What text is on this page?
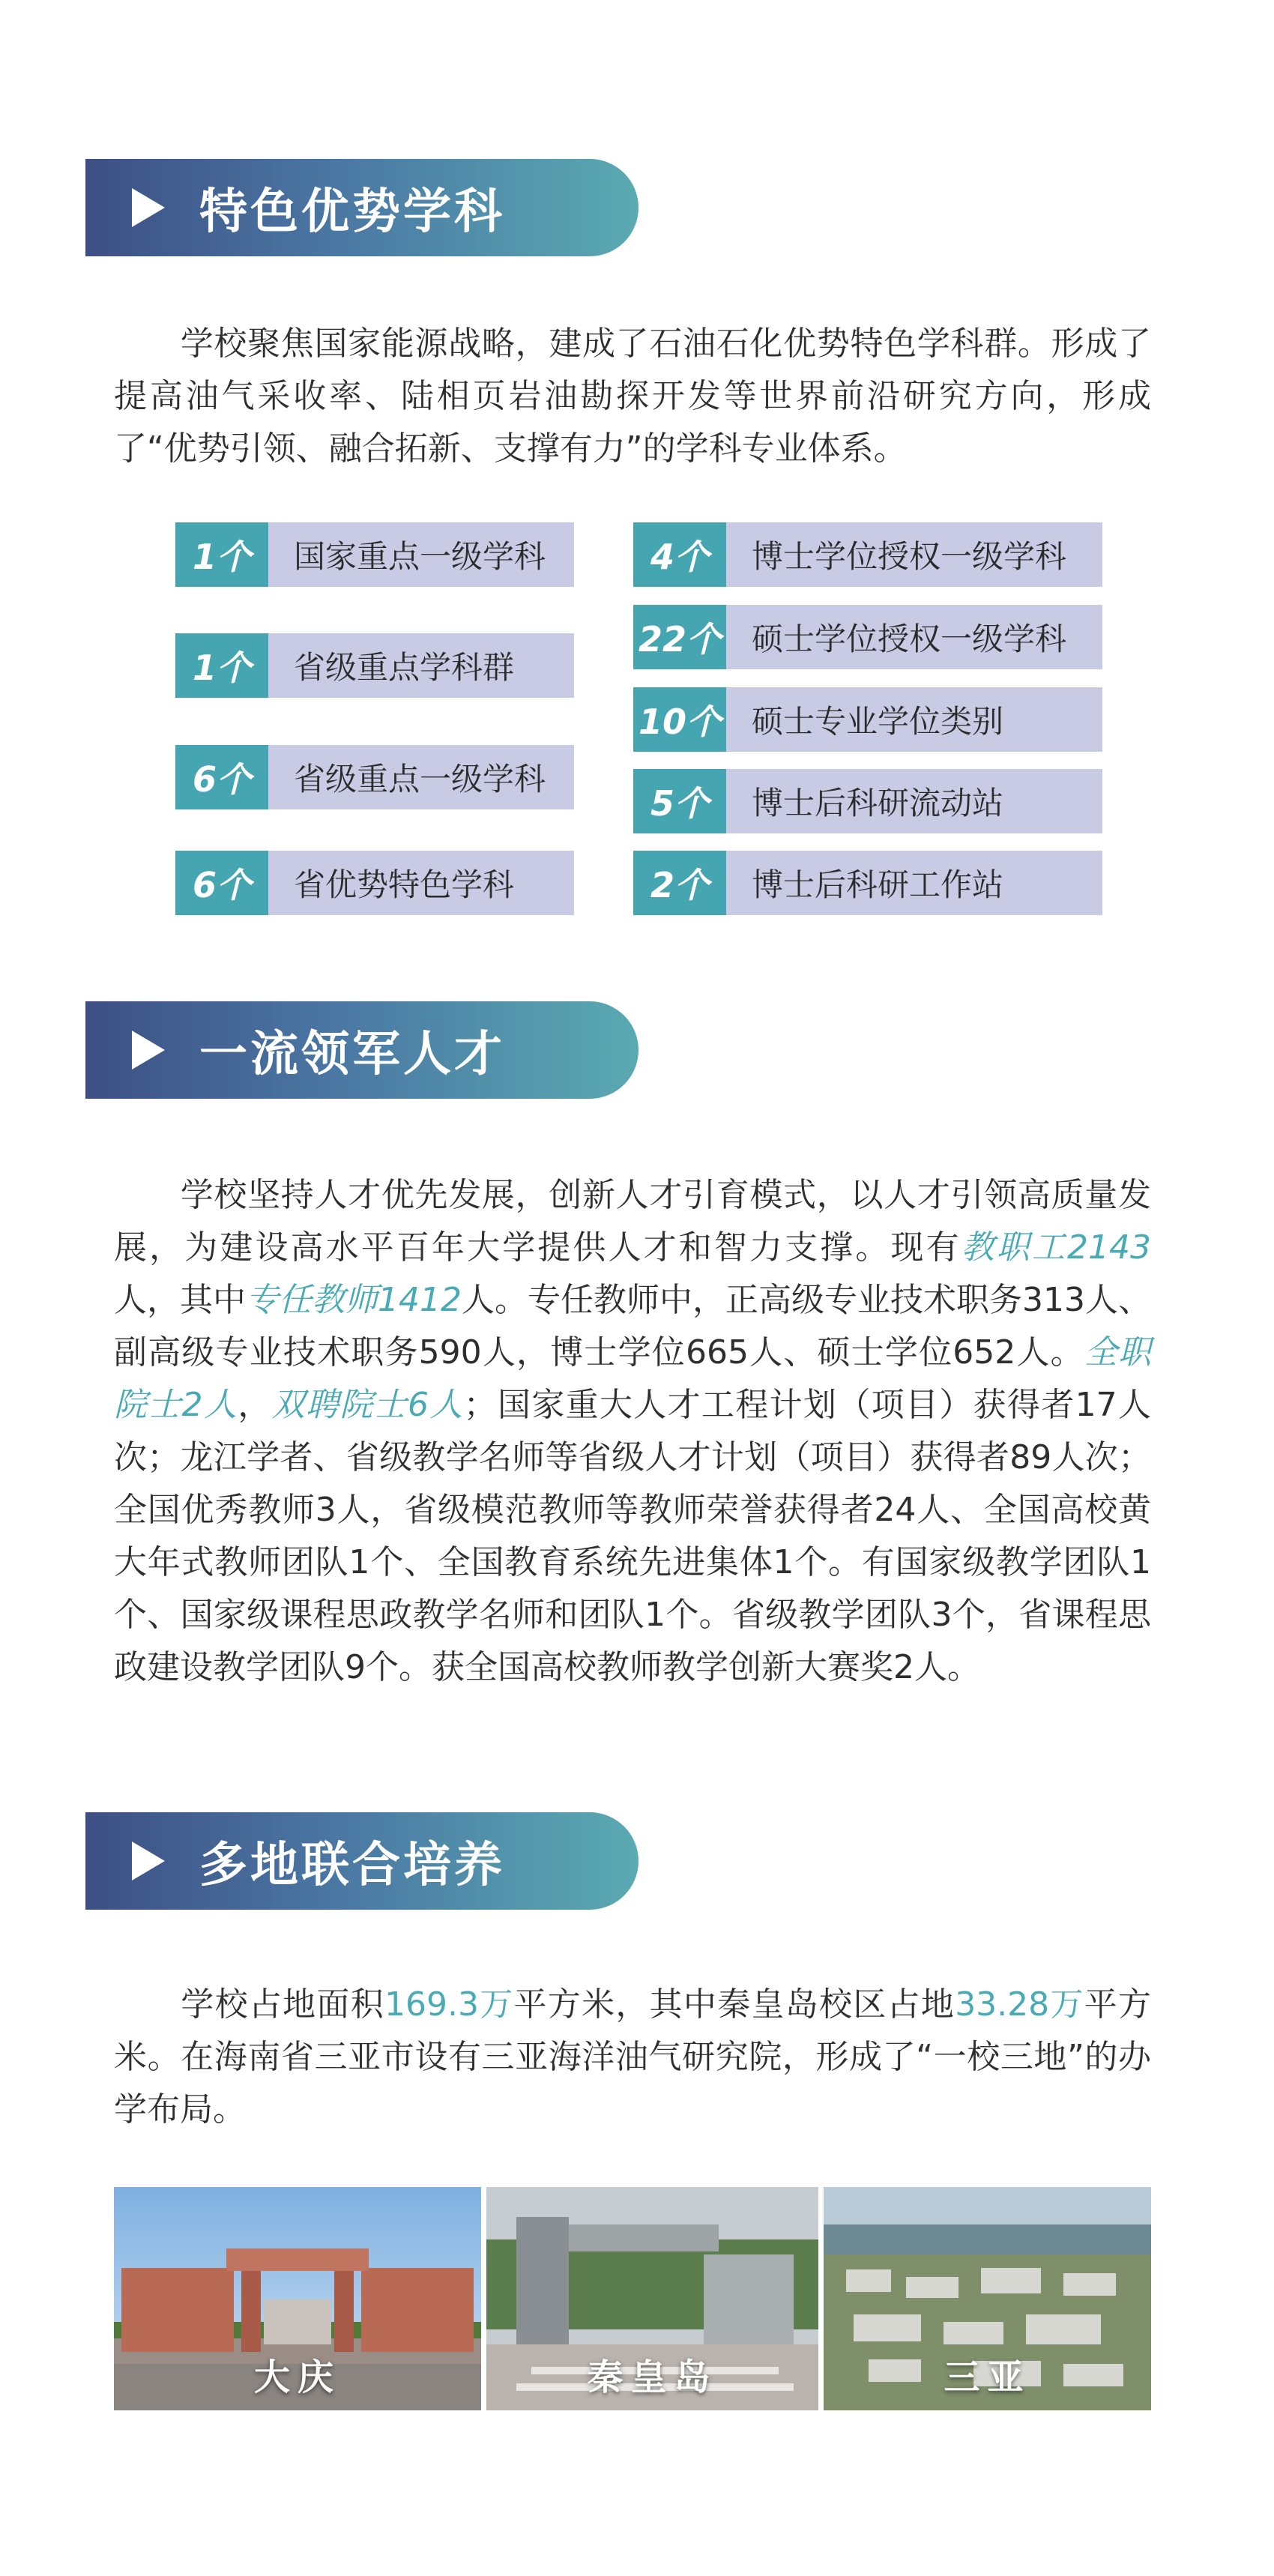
特色优势学科
学校聚焦国家能源战略，建成了石油石化优势特色学科群。形成了提高油气采收率、陆相页岩油勘探开发等世界前沿研究方向，形成了“优势引领、融合拓新、支撑有力”的学科专业体系。
1个	国家重点一级学科
1个	省级重点学科群
6个	省级重点一级学科
6个	省优势特色学科
4个	博士学位授权一级学科
22个 硕士学位授权一级学科
10个 硕士专业学位类别
5个	博士后科研流动站
2个	博士后科研工作站
一流领军人才
学校坚持人才优先发展，创新人才引育模式，以人才引领高质量发展，为建设高水平百年大学提供人才和智力支撑。现有教职工2143人，其中专任教师1412人。专任教师中，正高级专业技术职务313人、副高级专业技术职务590人，博士学位665人、硕士学位652人。全职院士2人，双聘院士6人；国家重大人才工程计划（项目）获得者17人次；龙江学者、省级教学名师等省级人才计划（项目）获得者89人次；全国优秀教师3人，省级模范教师等教师荣誉获得者24人、全国高校黄大年式教师团队1个、全国教育系统先进集体1个。有国家级教学团队1个、国家级课程思政教学名师和团队1个。省级教学团队3个，省课程思政建设教学团队9个。获全国高校教师教学创新大赛奖2人。
多地联合培养
学校占地面积169.3万平方米，其中秦皇岛校区占地33.28万平方米。在海南省三亚市设有三亚海洋油气研究院，形成了“一校三地”的办学布局。
大庆	秦皇岛	三亚
